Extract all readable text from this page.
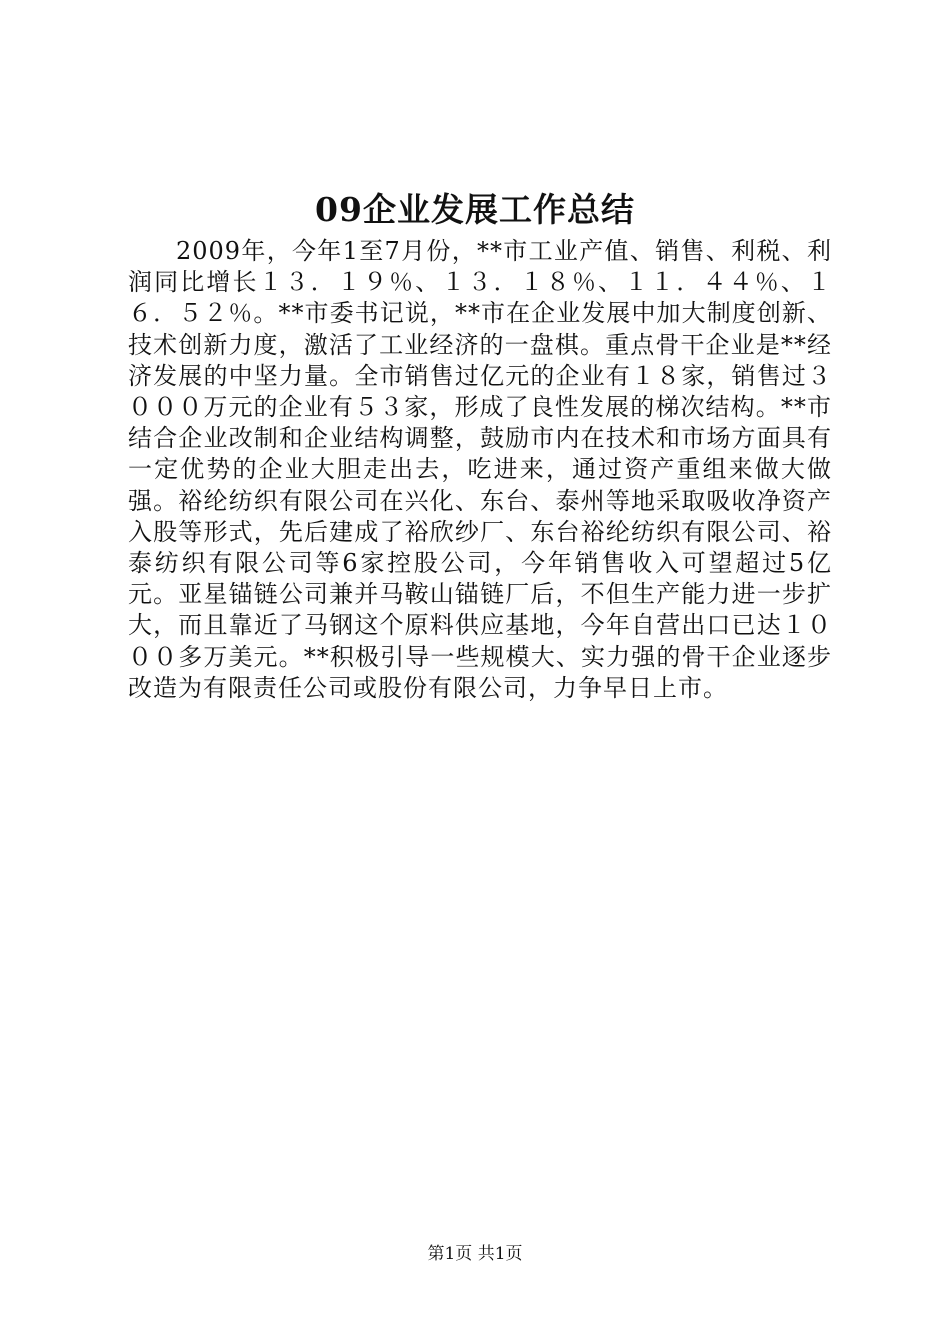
09企业发展工作总结

2009年，今年1至7月份，**市工业产值、销售、利税、利润同比增长１３．１９％、１３．１８％、１１．４４％、１６．５２％。**市委书记说，**市在企业发展中加大制度创新、技术创新力度，激活了工业经济的一盘棋。重点骨干企业是**经济发展的中坚力量。全市销售过亿元的企业有１８家，销售过３０００万元的企业有５３家，形成了良性发展的梯次结构。**市结合企业改制和企业结构调整，鼓励市内在技术和市场方面具有一定优势的企业大胆走出去，吃进来，通过资产重组来做大做强。裕纶纺织有限公司在兴化、东台、泰州等地采取吸收净资产入股等形式，先后建成了裕欣纱厂、东台裕纶纺织有限公司、裕泰纺织有限公司等6家控股公司，今年销售收入可望超过5亿元。亚星锚链公司兼并马鞍山锚链厂后，不但生产能力进一步扩大，而且靠近了马钢这个原料供应基地，今年自营出口已达１０００多万美元。**积极引导一些规模大、实力强的骨干企业逐步改造为有限责任公司或股份有限公司，力争早日上市。

第1页 共1页
